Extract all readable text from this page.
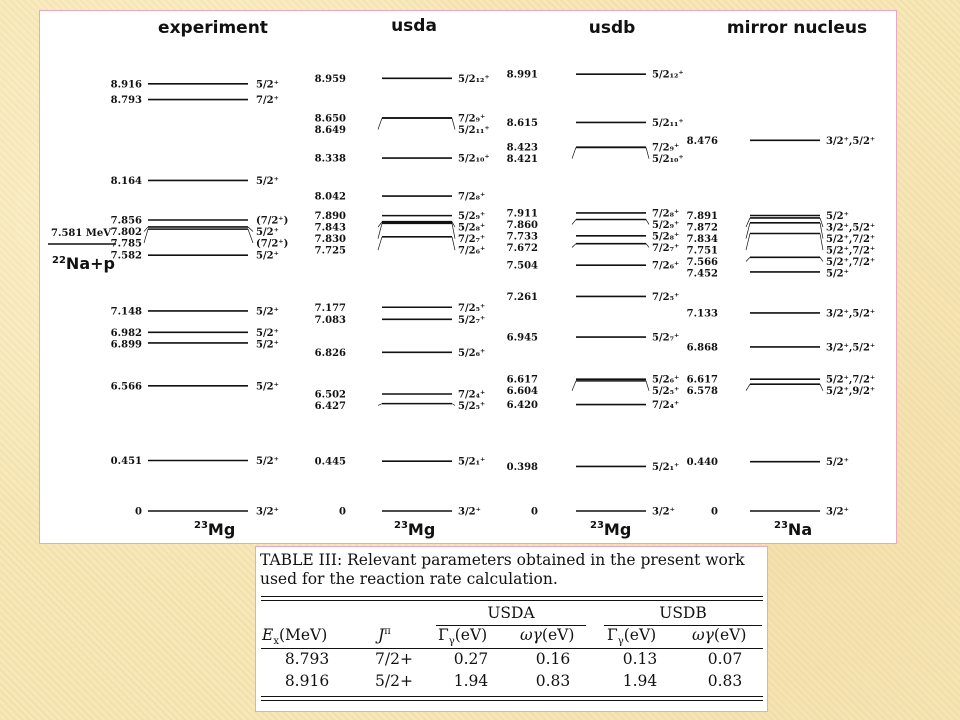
experiment	usda	usdb	mirror nucleus
7.581 MeV
$^{22}$Na+p
$^{23}$Mg	$^{23}$Mg	$^{23}$Mg	$^{23}$Na
8.916	5/2⁺
8.793	7/2⁺
8.164	5/2⁺
7.856	(7/2⁺)
7.802	5/2⁺
7.785	(7/2⁺)
7.582	5/2⁺
7.148	5/2⁺
6.982	5/2⁺
6.899	5/2⁺
6.566	5/2⁺
0.451	5/2⁺
0	3/2⁺
8.959	5/2₁₂⁺
8.650	7/2₉⁺
8.649	5/2₁₁⁺
8.338	5/2₁₀⁺
8.042	7/2₈⁺
7.890	5/2₉⁺
7.843	5/2₈⁺
7.830	7/2₇⁺
7.725	7/2₆⁺
7.177	7/2₅⁺
7.083	5/2₇⁺
6.826	5/2₆⁺
6.502	7/2₄⁺
6.427	5/2₅⁺
0.445	5/2₁⁺
0	3/2⁺
8.991	5/2₁₂⁺
8.615	5/2₁₁⁺
8.423	7/2₉⁺
8.421	5/2₁₀⁺
7.911	7/2₈⁺
7.860	5/2₉⁺
7.733	5/2₈⁺
7.672	7/2₇⁺
7.504	7/2₆⁺
7.261	7/2₅⁺
6.945	5/2₇⁺
6.617	5/2₆⁺
6.604	5/2₅⁺
6.420	7/2₄⁺
0.398	5/2₁⁺
0	3/2⁺
8.476	3/2⁺,5/2⁺
7.891	5/2⁺
7.872	3/2⁺,5/2⁺
7.834	5/2⁺,7/2⁺
7.751	5/2⁺,7/2⁺
7.566	5/2⁺,7/2⁺
7.452	5/2⁺
7.133	3/2⁺,5/2⁺
6.868	3/2⁺,5/2⁺
6.617	5/2⁺,7/2⁺
6.578	5/2⁺,9/2⁺
0.440	5/2⁺
0	3/2⁺
TABLE III: Relevant parameters obtained in the present work used for the reaction rate calculation.
USDA	USDB
$E_x(MeV)$	$J^\pi$	$\Gamma_\gamma(eV)$ ωγ(eV) $\Gamma_\gamma(eV)$ ωγ(eV)
8.793	7/2+	0.27	0.16	0.13	0.07
8.916	5/2+	1.94	0.83	1.94	0.83
